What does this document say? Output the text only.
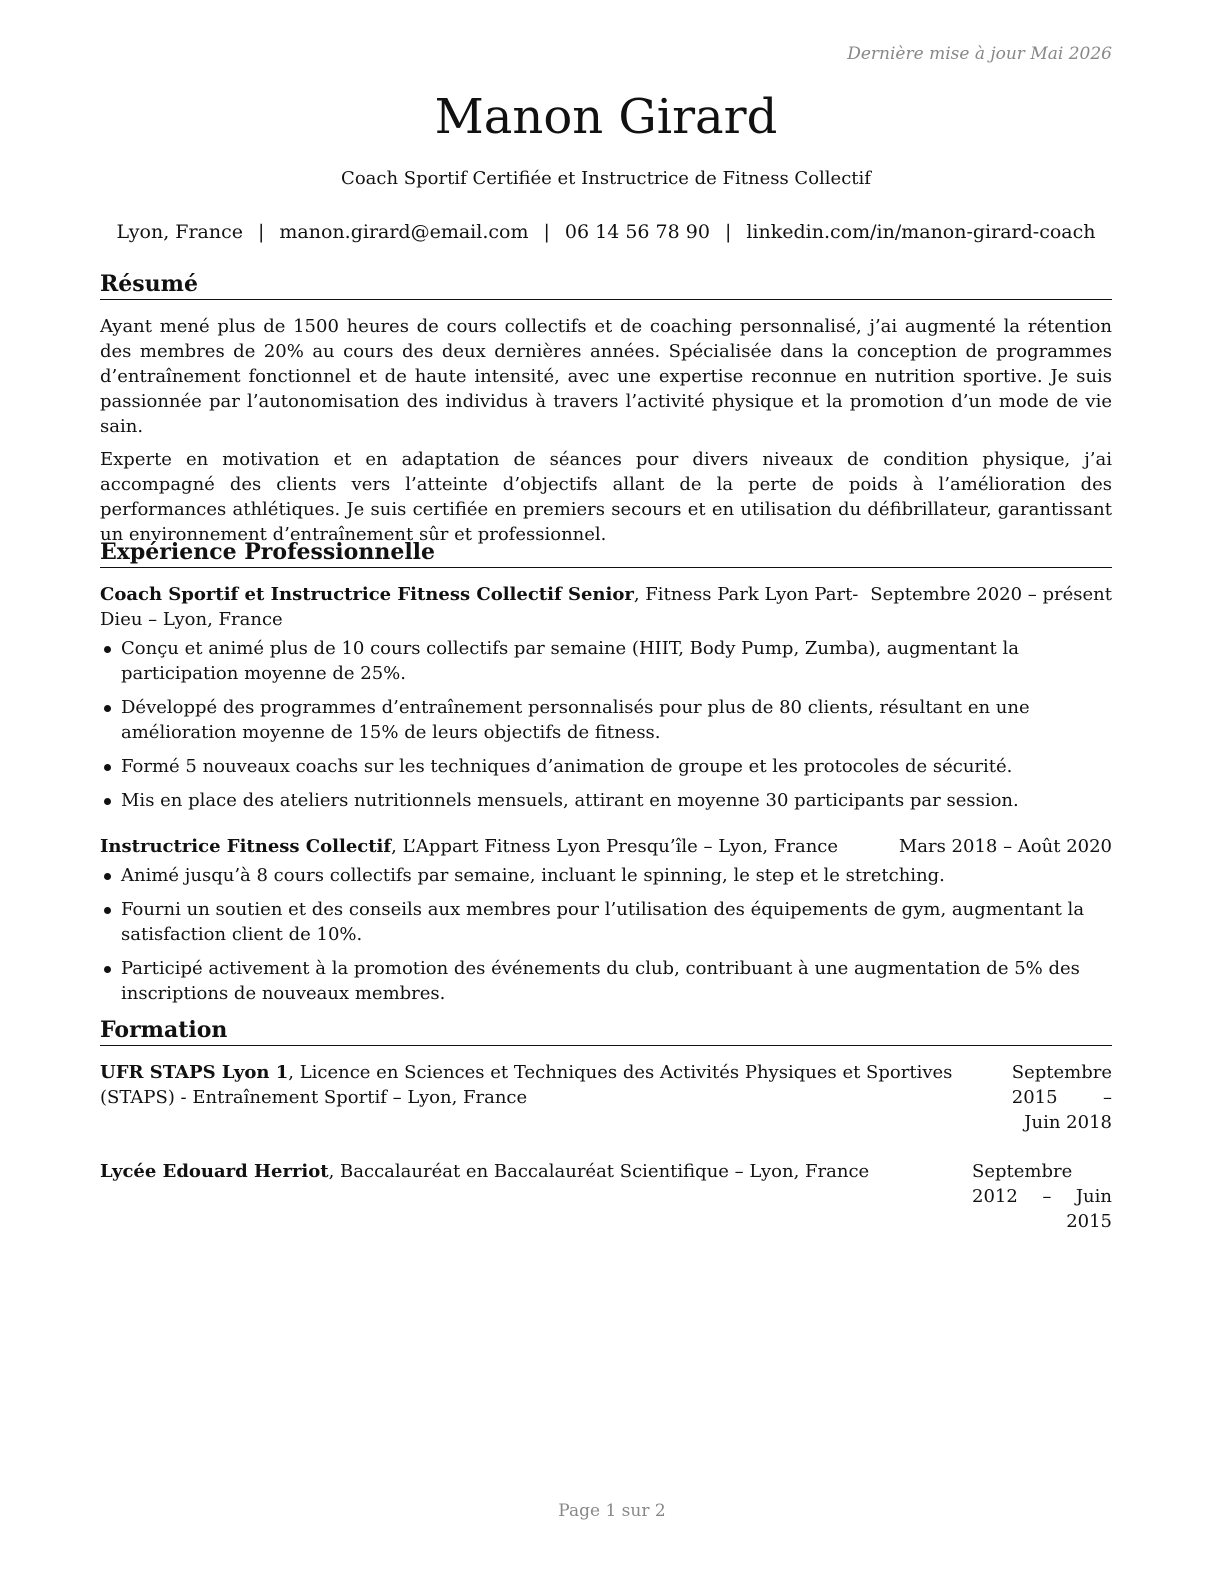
Dernière mise à jour Mai 2026
Manon Girard
Coach Sportif Certifiée et Instructrice de Fitness Collectif
Lyon, France | manon.girard@email.com | 06 14 56 78 90 | linkedin.com/in/manon-girard-coach
Résumé

Ayant mené plus de 1500 heures de cours collectifs et de coaching personnalisé, j’ai augmenté la rétention des membres de 20% au cours des deux dernières années. Spécialisée dans la conception de programmes d’entraînement fonctionnel et de haute intensité, avec une expertise reconnue en nutrition sportive. Je suis passionnée par l’autonomisation des individus à travers l’activité physique et la promotion d’un mode de vie sain.

Experte en motivation et en adaptation de séances pour divers niveaux de condition physique, j’ai accompagné des clients vers l’atteinte d’objectifs allant de la perte de poids à l’amélioration des performances athlétiques. Je suis certifiée en premiers secours et en utilisation du défibrillateur, garantissant un environnement d’entraînement sûr et professionnel.

Expérience Professionnelle
Coach Sportif et Instructrice Fitness Collectif Senior, Fitness Park Lyon Part-Dieu – Lyon, France
Septembre 2020 – présent
Conçu et animé plus de 10 cours collectifs par semaine (HIIT, Body Pump, Zumba), augmentant la participation moyenne de 25%.
Développé des programmes d’entraînement personnalisés pour plus de 80 clients, résultant en une amélioration moyenne de 15% de leurs objectifs de fitness.
Formé 5 nouveaux coachs sur les techniques d’animation de groupe et les protocoles de sécurité.
Mis en place des ateliers nutritionnels mensuels, attirant en moyenne 30 participants par session.
Instructrice Fitness Collectif, L’Appart Fitness Lyon Presqu’île – Lyon, France	Mars 2018 – Août 2020
Animé jusqu’à 8 cours collectifs par semaine, incluant le spinning, le step et le stretching.
Fourni un soutien et des conseils aux membres pour l’utilisation des équipements de gym, augmentant la satisfaction client de 10%.
Participé activement à la promotion des événements du club, contribuant à une augmentation de 5% des inscriptions de nouveaux membres.
Formation
UFR STAPS Lyon 1, Licence en Sciences et Techniques des Activités Physiques et Sportives (STAPS) - Entraînement Sportif – Lyon, France
Septembre 2015 – Juin 2018
Lycée Edouard Herriot, Baccalauréat en Baccalauréat Scientifique – Lyon, France	Septembre 2012 – Juin 2015
Page 1 sur 2
